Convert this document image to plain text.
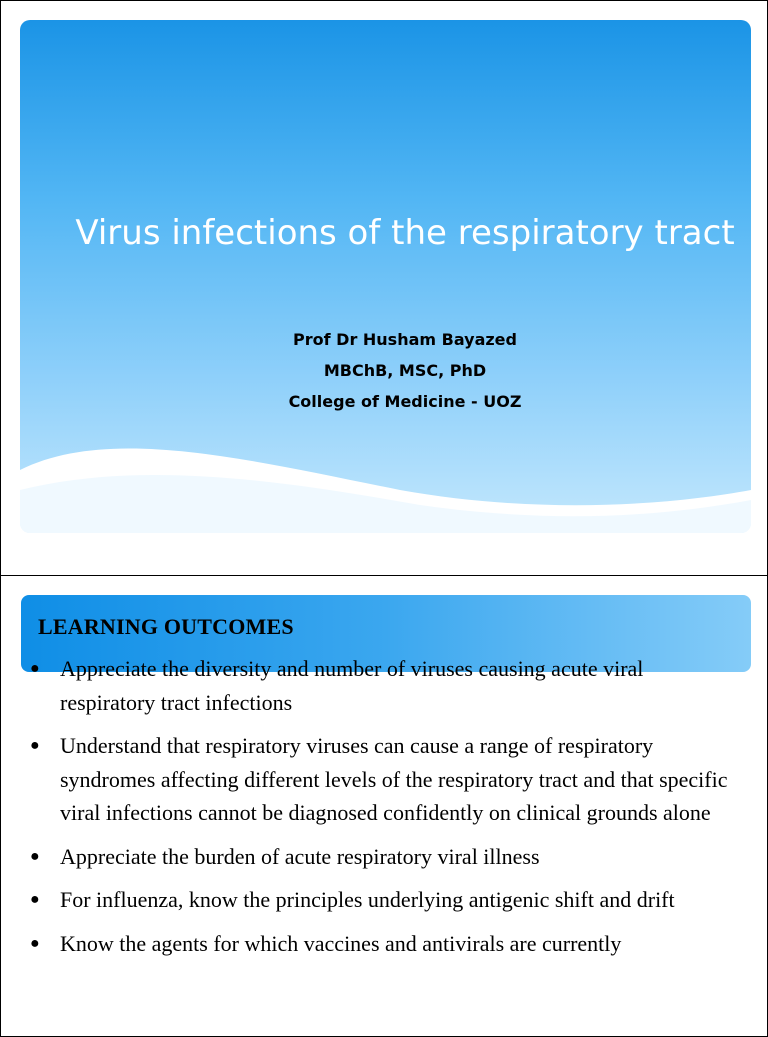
Virus infections of the respiratory tract
Prof Dr Husham Bayazed
MBChB, MSC, PhD
College of Medicine - UOZ
LEARNING OUTCOMES
● Appreciate the diversity and number of viruses causing acute viral respiratory tract infections
● Understand that respiratory viruses can cause a range of respiratory syndromes affecting different levels of the respiratory tract and that specific viral infections cannot be diagnosed confidently on clinical grounds alone
● Appreciate the burden of acute respiratory viral illness
● For influenza, know the principles underlying antigenic shift and drift
● Know the agents for which vaccines and antivirals are currently
